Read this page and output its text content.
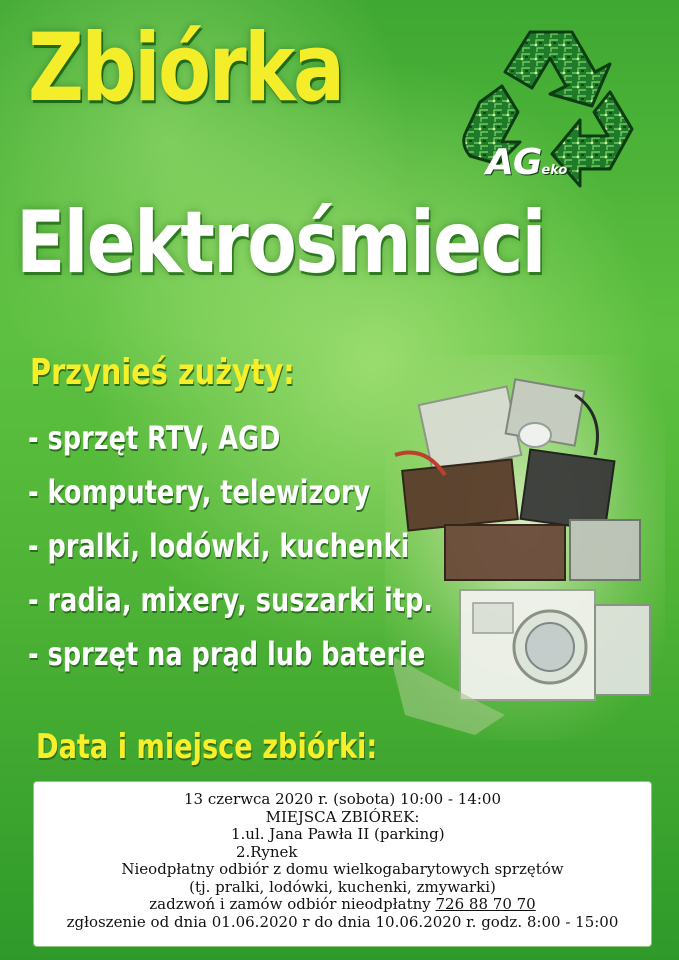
Zbiórka
AGeko
Elektrośmieci
Przynieś zużyty:
- sprzęt RTV, AGD
- komputery, telewizory
- pralki, lodówki, kuchenki
- radia, mixery, suszarki itp.
- sprzęt na prąd lub baterie
Data i miejsce zbiórki:
13 czerwca 2020 r. (sobota) 10:00 - 14:00
MIEJSCA ZBIÓREK:
1.ul. Jana Pawła II (parking)
2.Rynek
Nieodpłatny odbiór z domu wielkogabarytowych sprzętów
(tj. pralki, lodówki, kuchenki, zmywarki)
zadzwoń i zamów odbiór nieodpłatny 726 88 70 70
zgłoszenie od dnia 01.06.2020 r do dnia 10.06.2020 r. godz. 8:00 - 15:00
